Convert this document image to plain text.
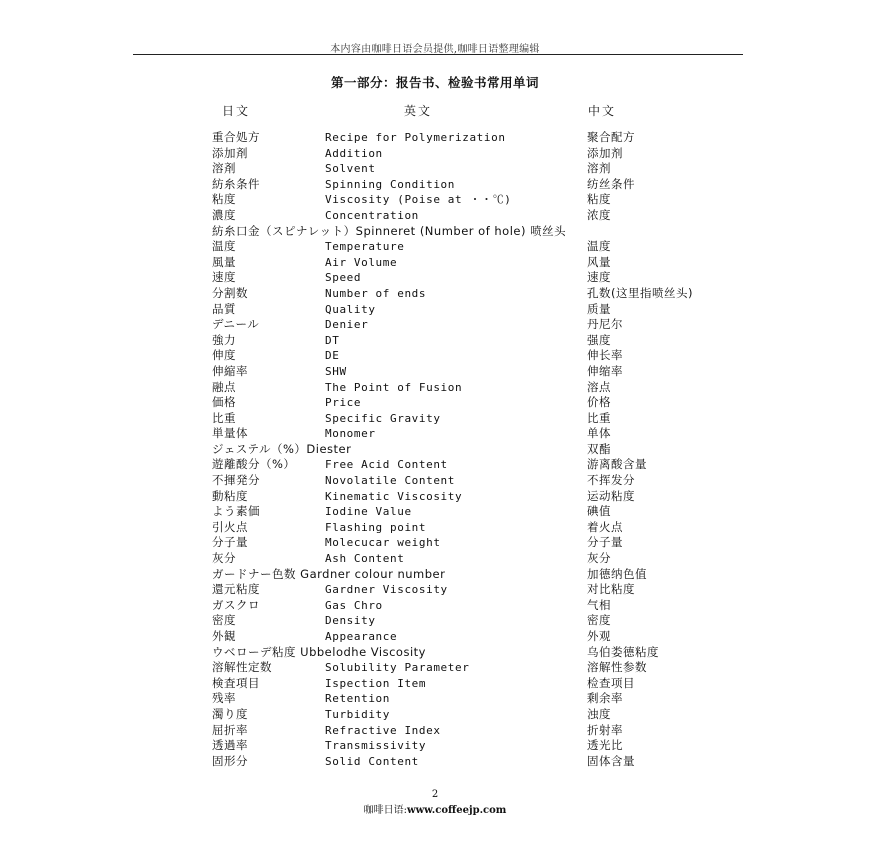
本内容由咖啡日语会员提供,咖啡日语整理编辑
第一部分：报告书、检验书常用单词
日文	英文	中文
重合処方	Recipe for Polymerization	聚合配方
添加剤	Addition	添加剂
溶剤	Solvent	溶剂
紡糸条件	Spinning Condition	纺丝条件
粘度	Viscosity (Poise at ・・℃)	粘度
濃度	Concentration	浓度
紡糸口金（スピナレット）Spinneret (Number of hole) 喷丝头
温度	Temperature	温度
風量	Air Volume	风量
速度	Speed	速度
分割数	Number of ends	孔数(这里指喷丝头)
品質	Quality	质量
デニール	Denier	丹尼尔
強力	DT	强度
伸度	DE	伸长率
伸縮率	SHW	伸缩率
融点	The Point of Fusion	溶点
価格	Price	价格
比重	Specific Gravity	比重
単量体	Monomer	单体
ジェステル（%）Diester	双酯
遊離酸分（%）	Free Acid Content	游离酸含量
不揮発分	Novolatile Content	不挥发分
動粘度	Kinematic Viscosity	运动粘度
よう素価	Iodine Value	碘值
引火点	Flashing point	着火点
分子量	Molecucar weight	分子量
灰分	Ash Content	灰分
ガードナー色数 Gardner colour number	加德纳色值
還元粘度	Gardner Viscosity	对比粘度
ガスクロ	Gas Chro	气相
密度	Density	密度
外観	Appearance	外观
ウベローデ粘度 Ubbelodhe Viscosity	乌伯娄德粘度
溶解性定数	Solubility Parameter	溶解性参数
検査項目	Ispection Item	检查项目
残率	Retention	剩余率
濁り度	Turbidity	浊度
屈折率	Refractive Index	折射率
透過率	Transmissivity	透光比
固形分	Solid Content	固体含量
2
咖啡日语:www.coffeejp.com
